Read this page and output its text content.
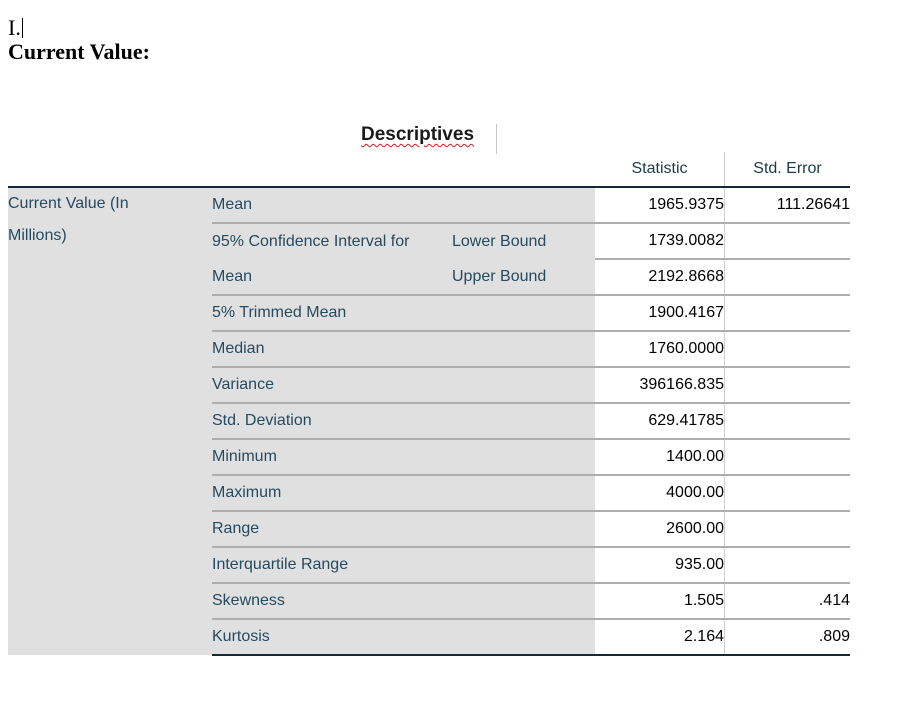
I.
Current Value:
Descriptives
			Statistic	Std. Error
Current Value (In
Millions)	Mean		1965.9375	111.26641
	95% Confidence Interval for	Lower Bound	1739.0082	
	Mean	Upper Bound	2192.8668	
	5% Trimmed Mean		1900.4167	
	Median		1760.0000	
	Variance		396166.835	
	Std. Deviation		629.41785	
	Minimum		1400.00	
	Maximum		4000.00	
	Range		2600.00	
	Interquartile Range		935.00	
	Skewness		1.505	.414
	Kurtosis		2.164	.809
